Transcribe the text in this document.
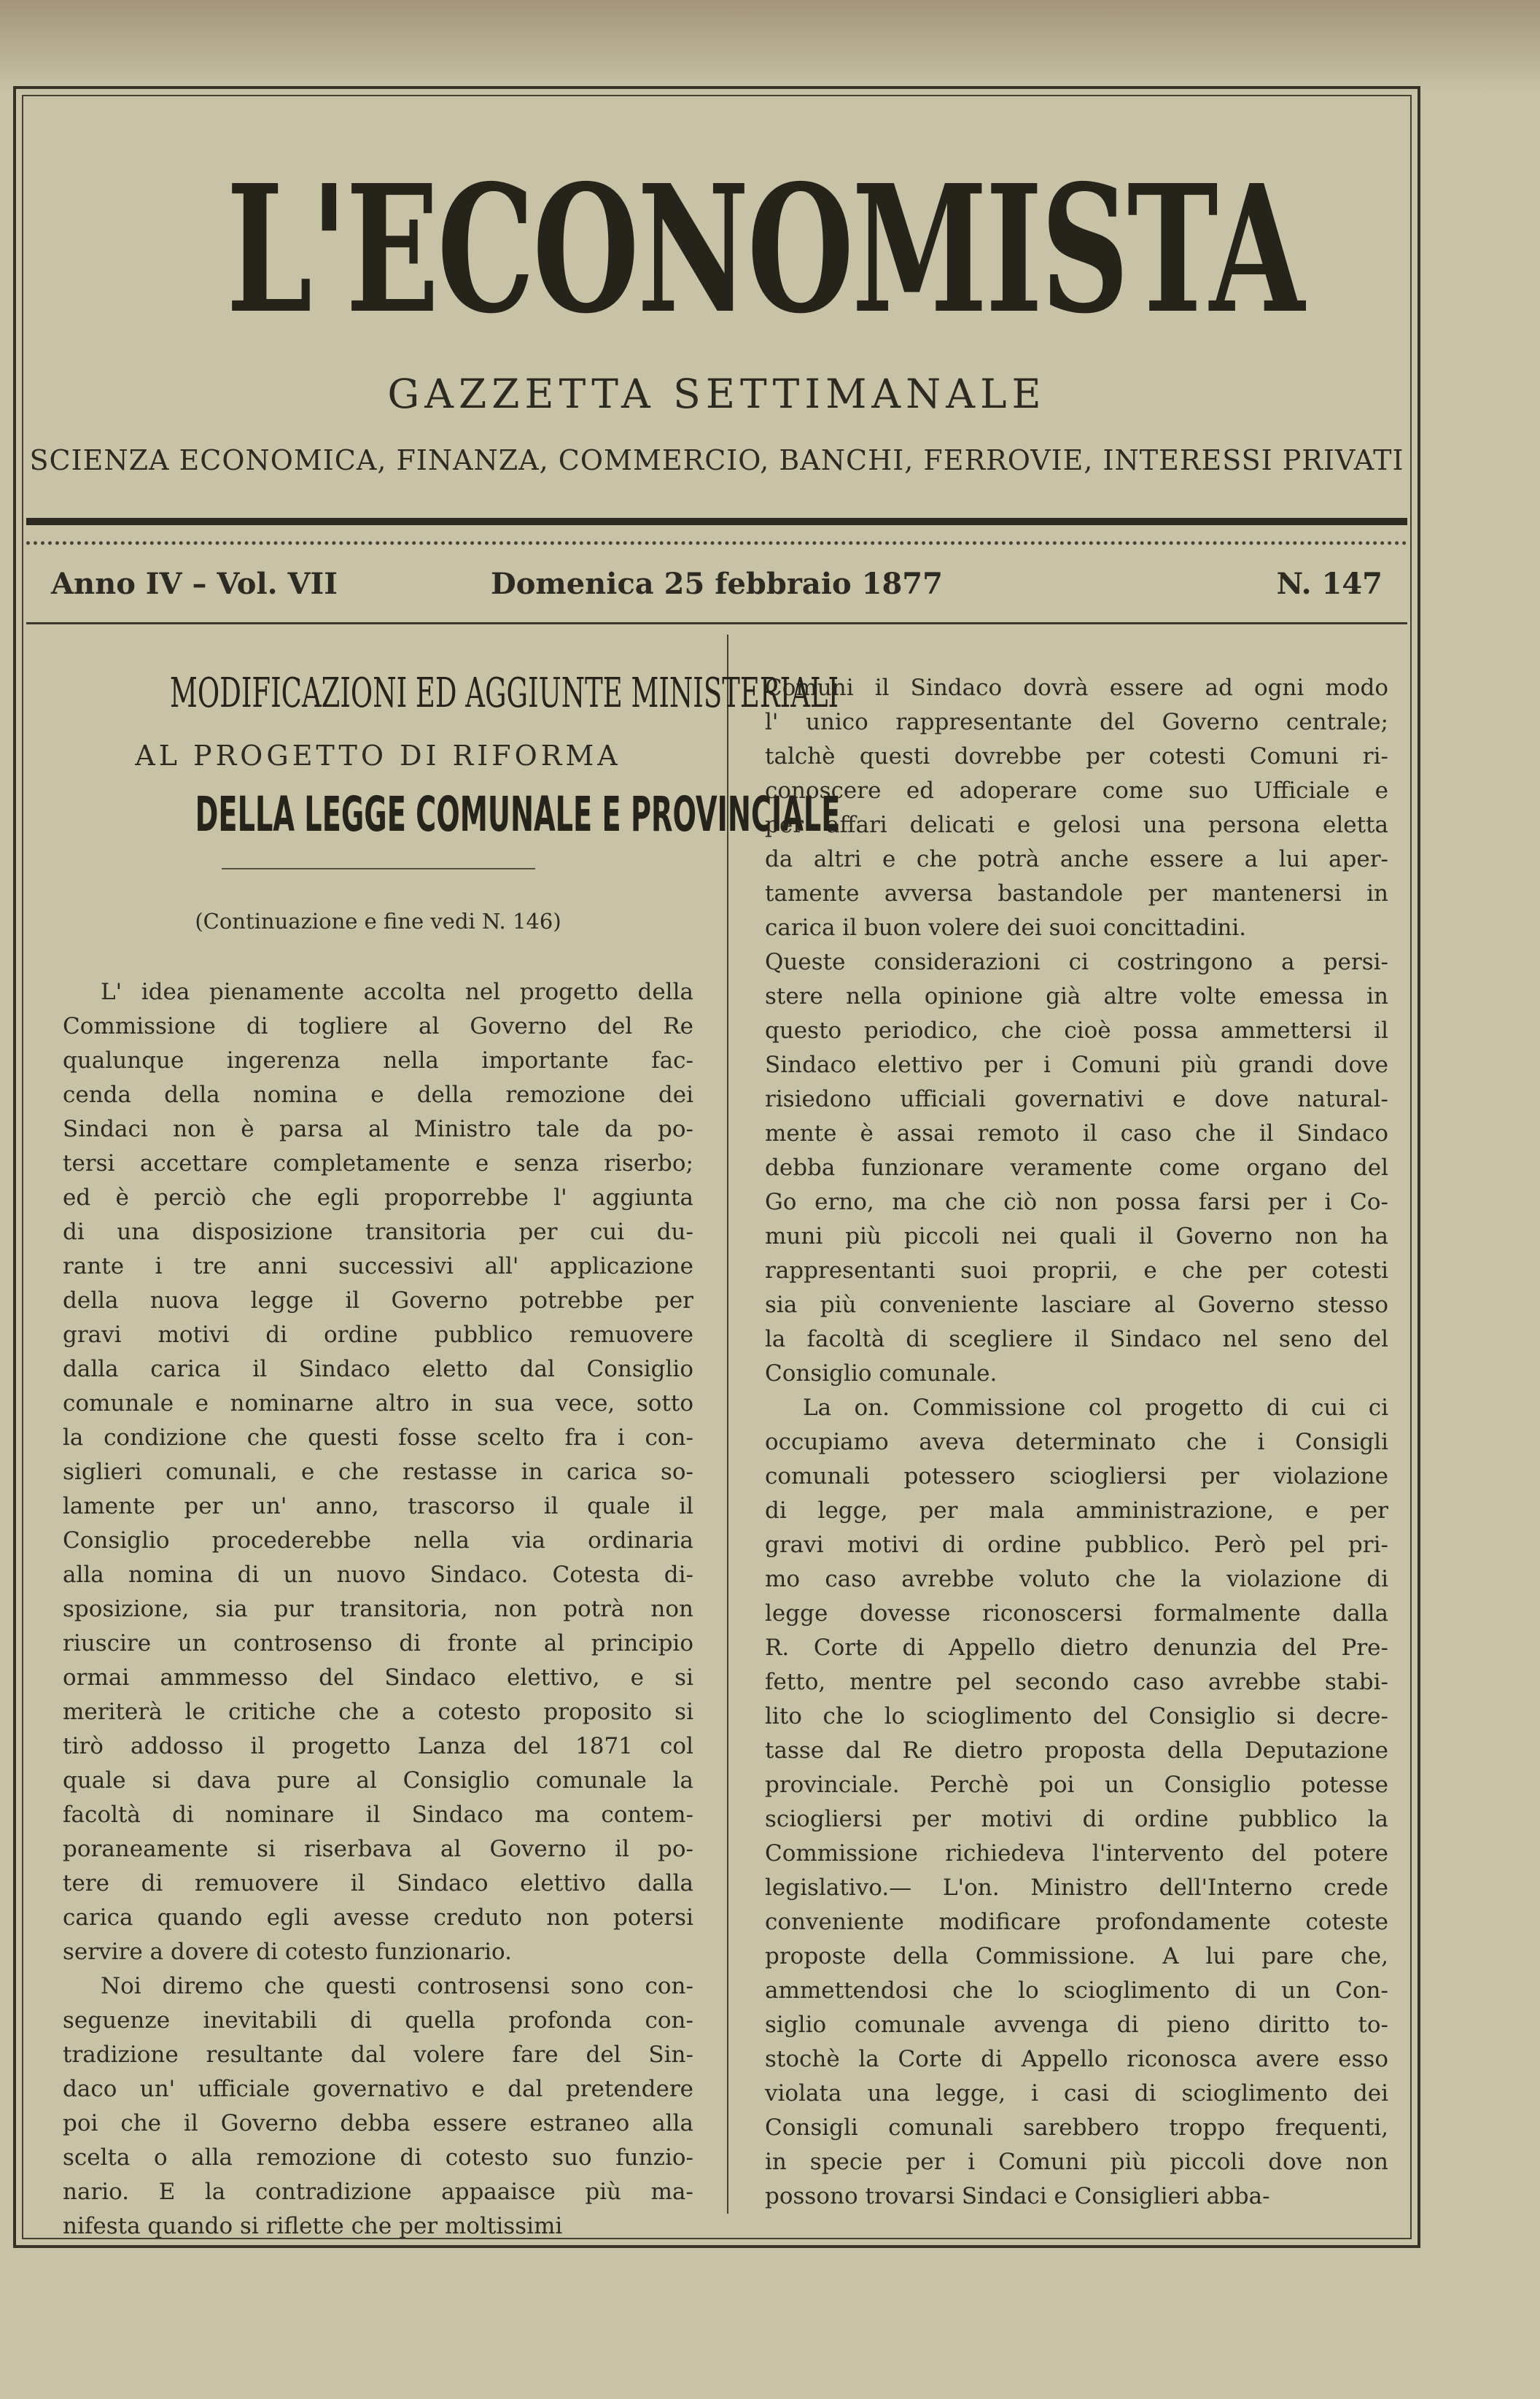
L'ECONOMISTA
GAZZETTA SETTIMANALE
SCIENZA ECONOMICA, FINANZA, COMMERCIO, BANCHI, FERROVIE, INTERESSI PRIVATI
Anno IV – Vol. VII	Domenica 25 febbraio 1877	N. 147
MODIFICAZIONI ED AGGIUNTE MINISTERIALI
AL PROGETTO DI RIFORMA
DELLA LEGGE COMUNALE E PROVINCIALE
(Continuazione e fine vedi N. 146)
L' idea pienamente accolta nel progetto della
Commissione di togliere al Governo del Re
qualunque ingerenza nella importante fac-
cenda della nomina e della remozione dei
Sindaci non è parsa al Ministro tale da po-
tersi accettare completamente e senza riserbo;
ed è perciò che egli proporrebbe l' aggiunta
di una disposizione transitoria per cui du-
rante i tre anni successivi all' applicazione
della nuova legge il Governo potrebbe per
gravi motivi di ordine pubblico remuovere
dalla carica il Sindaco eletto dal Consiglio
comunale e nominarne altro in sua vece, sotto
la condizione che questi fosse scelto fra i con-
siglieri comunali, e che restasse in carica so-
lamente per un' anno, trascorso il quale il
Consiglio procederebbe nella via ordinaria
alla nomina di un nuovo Sindaco. Cotesta di-
sposizione, sia pur transitoria, non potrà non
riuscire un controsenso di fronte al principio
ormai ammmesso del Sindaco elettivo, e si
meriterà le critiche che a cotesto proposito si
tirò addosso il progetto Lanza del 1871 col
quale si dava pure al Consiglio comunale la
facoltà di nominare il Sindaco ma contem-
poraneamente si riserbava al Governo il po-
tere di remuovere il Sindaco elettivo dalla
carica quando egli avesse creduto non potersi
servire a dovere di cotesto funzionario.
Noi diremo che questi controsensi sono con-
seguenze inevitabili di quella profonda con-
tradizione resultante dal volere fare del Sin-
daco un' ufficiale governativo e dal pretendere
poi che il Governo debba essere estraneo alla
scelta o alla remozione di cotesto suo funzio-
nario. E la contradizione appaaisce più ma-
nifesta quando si riflette che per moltissimi
Comuni il Sindaco dovrà essere ad ogni modo
l' unico rappresentante del Governo centrale;
talchè questi dovrebbe per cotesti Comuni ri-
conoscere ed adoperare come suo Ufficiale e
per affari delicati e gelosi una persona eletta
da altri e che potrà anche essere a lui aper-
tamente avversa bastandole per mantenersi in
carica il buon volere dei suoi concittadini.
Queste considerazioni ci costringono a persi-
stere nella opinione già altre volte emessa in
questo periodico, che cioè possa ammettersi il
Sindaco elettivo per i Comuni più grandi dove
risiedono ufficiali governativi e dove natural-
mente è assai remoto il caso che il Sindaco
debba funzionare veramente come organo del
Go erno, ma che ciò non possa farsi per i Co-
muni più piccoli nei quali il Governo non ha
rappresentanti suoi proprii, e che per cotesti
sia più conveniente lasciare al Governo stesso
la facoltà di scegliere il Sindaco nel seno del
Consiglio comunale.
La on. Commissione col progetto di cui ci
occupiamo aveva determinato che i Consigli
comunali potessero sciogliersi per violazione
di legge, per mala amministrazione, e per
gravi motivi di ordine pubblico. Però pel pri-
mo caso avrebbe voluto che la violazione di
legge dovesse riconoscersi formalmente dalla
R. Corte di Appello dietro denunzia del Pre-
fetto, mentre pel secondo caso avrebbe stabi-
lito che lo scioglimento del Consiglio si decre-
tasse dal Re dietro proposta della Deputazione
provinciale. Perchè poi un Consiglio potesse
sciogliersi per motivi di ordine pubblico la
Commissione richiedeva l'intervento del potere
legislativo.— L'on. Ministro dell'Interno crede
conveniente modificare profondamente coteste
proposte della Commissione. A lui pare che,
ammettendosi che lo scioglimento di un Con-
siglio comunale avvenga di pieno diritto to-
stochè la Corte di Appello riconosca avere esso
violata una legge, i casi di scioglimento dei
Consigli comunali sarebbero troppo frequenti,
in specie per i Comuni più piccoli dove non
possono trovarsi Sindaci e Consiglieri abba-
